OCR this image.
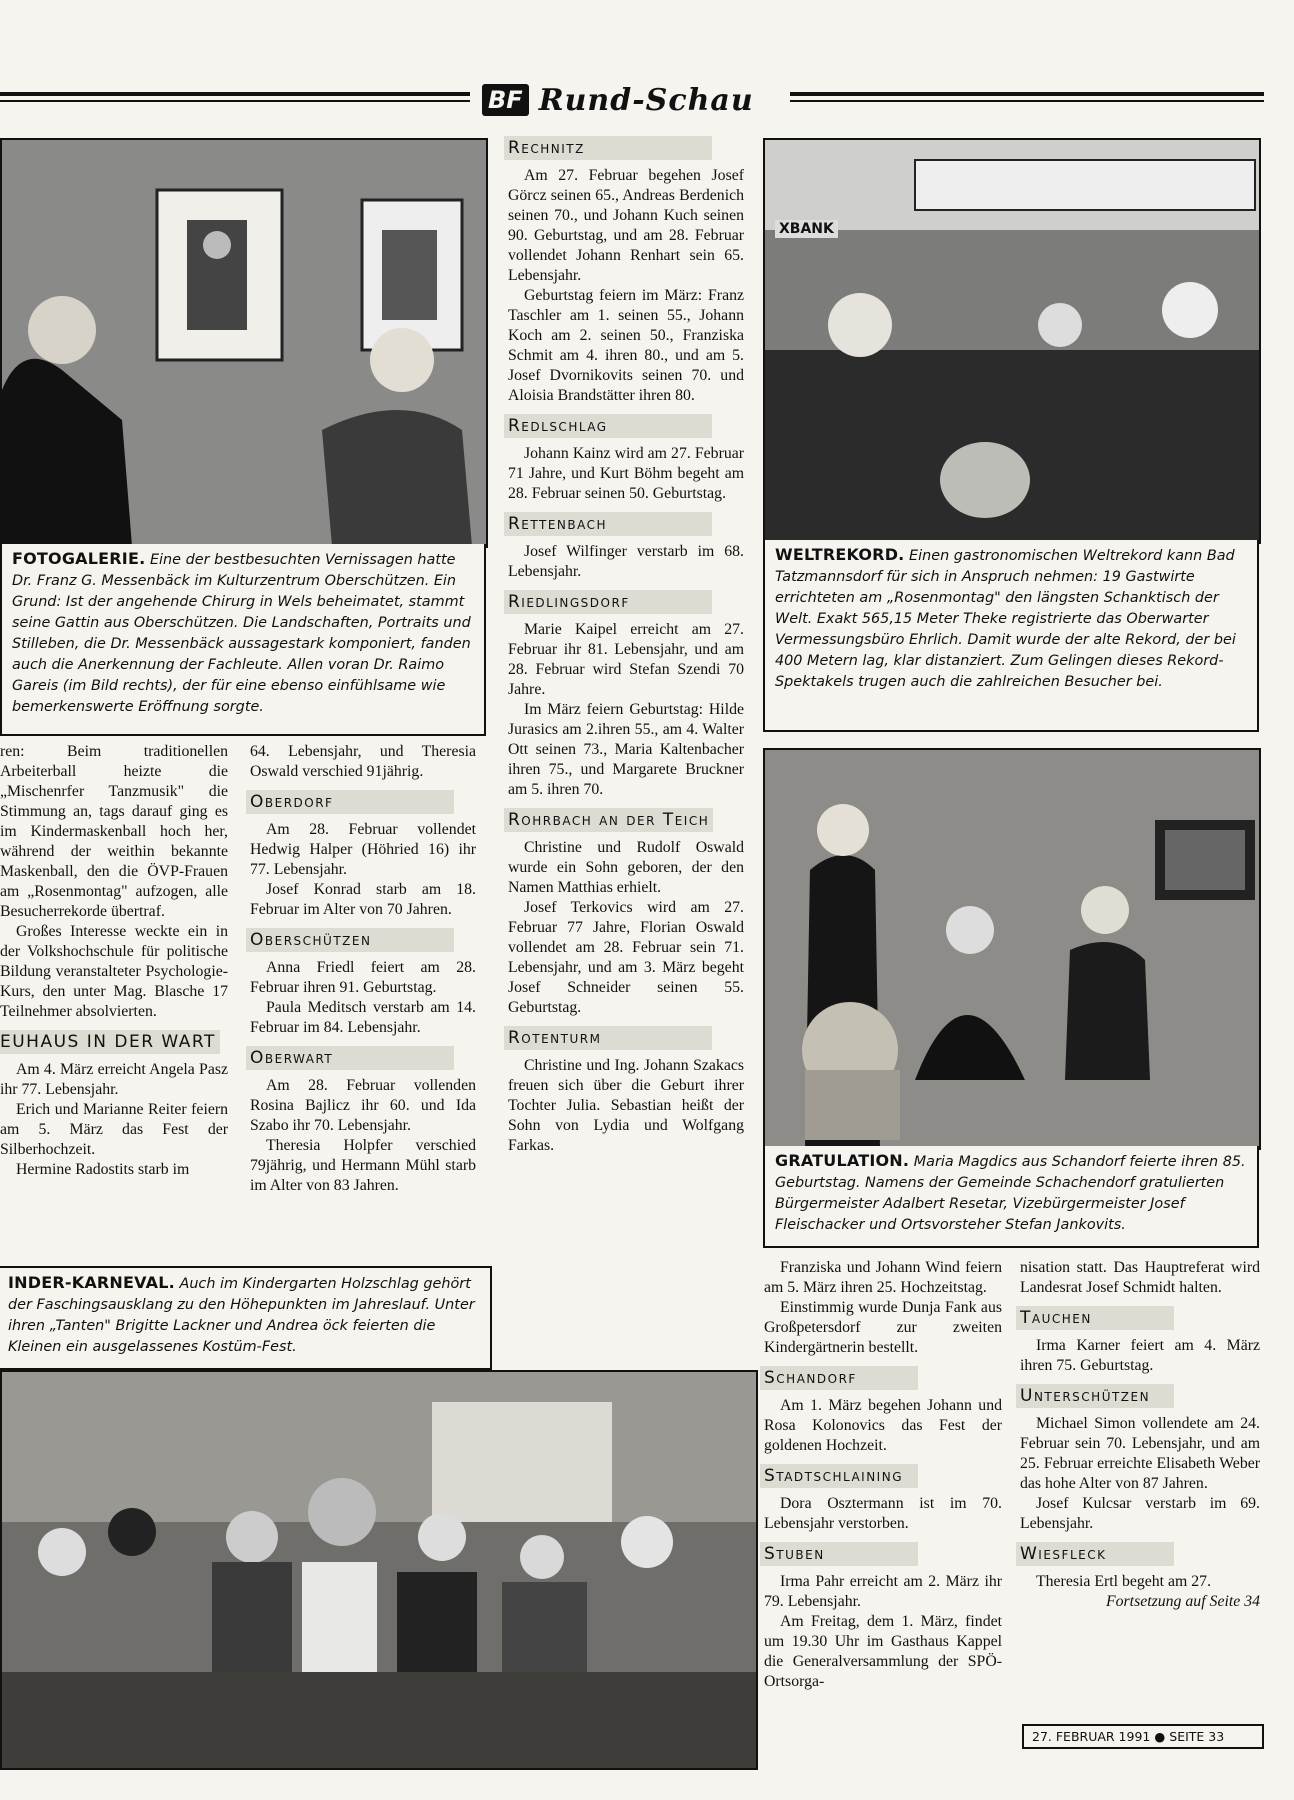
BF Rund-Schau
FOTOGALERIE. Eine der bestbesuchten Vernissagen hatte Dr. Franz G. Messenbäck im Kulturzentrum Oberschützen. Ein Grund: Ist der angehende Chirurg in Wels beheimatet, stammt seine Gattin aus Oberschützen. Die Landschaften, Portraits und Stilleben, die Dr. Messenbäck aussagestark komponiert, fanden auch die Anerkennung der Fachleute. Allen voran Dr. Raimo Gareis (im Bild rechts), der für eine ebenso einfühlsame wie bemerkenswerte Eröffnung sorgte.
XBANK
WELTREKORD. Einen gastronomischen Weltrekord kann Bad Tatzmannsdorf für sich in Anspruch nehmen: 19 Gastwirte errichteten am „Rosenmontag" den längsten Schanktisch der Welt. Exakt 565,15 Meter Theke registrierte das Oberwarter Vermessungsbüro Ehrlich. Damit wurde der alte Rekord, der bei 400 Metern lag, klar distanziert. Zum Gelingen dieses Rekord-Spektakels trugen auch die zahlreichen Besucher bei.
GRATULATION. Maria Magdics aus Schandorf feierte ihren 85. Geburtstag. Namens der Gemeinde Schachendorf gratulierten Bürgermeister Adalbert Resetar, Vizebürgermeister Josef Fleischacker und Ortsvorsteher Stefan Jankovits.
INDER-KARNEVAL. Auch im Kindergarten Holzschlag gehört der Faschingsausklang zu den Höhepunkten im Jahreslauf. Unter ihren „Tanten" Brigitte Lackner und Andrea öck feierten die Kleinen ein ausgelassenes Kostüm-Fest.

ren: Beim traditionellen Arbeiterball heizte die „Mischenrfer Tanzmusik" die Stimmung an, tags darauf ging es im Kindermaskenball hoch her, während der weithin bekannte Maskenball, den die ÖVP-Frauen am „Rosenmontag" aufzogen, alle Besucherrekorde übertraf.

Großes Interesse weckte ein in der Volkshochschule für politische Bildung veranstalteter Psychologie-Kurs, den unter Mag. Blasche 17 Teilnehmer absolvierten.

EUHAUS IN DER WART

Am 4. März erreicht Angela Pasz ihr 77. Lebensjahr.

Erich und Marianne Reiter feiern am 5. März das Fest der Silberhochzeit.

Hermine Radostits starb im

64. Lebensjahr, und Theresia Oswald verschied 91jährig.

Oberdorf

Am 28. Februar vollendet Hedwig Halper (Höhried 16) ihr 77. Lebensjahr.

Josef Konrad starb am 18. Februar im Alter von 70 Jahren.

Oberschützen

Anna Friedl feiert am 28. Februar ihren 91. Geburtstag.

Paula Meditsch verstarb am 14. Februar im 84. Lebensjahr.

Oberwart

Am 28. Februar vollenden Rosina Bajlicz ihr 60. und Ida Szabo ihr 70. Lebensjahr.

Theresia Holpfer verschied 79jährig, und Hermann Mühl starb im Alter von 83 Jahren.

Rechnitz

Am 27. Februar begehen Josef Görcz seinen 65., Andreas Berdenich seinen 70., und Johann Kuch seinen 90. Geburtstag, und am 28. Februar vollendet Johann Renhart sein 65. Lebensjahr.

Geburtstag feiern im März: Franz Taschler am 1. seinen 55., Johann Koch am 2. seinen 50., Franziska Schmit am 4. ihren 80., und am 5. Josef Dvornikovits seinen 70. und Aloisia Brandstätter ihren 80.

Redlschlag

Johann Kainz wird am 27. Februar 71 Jahre, und Kurt Böhm begeht am 28. Februar seinen 50. Geburtstag.

Rettenbach

Josef Wilfinger verstarb im 68. Lebensjahr.

Riedlingsdorf

Marie Kaipel erreicht am 27. Februar ihr 81. Lebensjahr, und am 28. Februar wird Stefan Szendi 70 Jahre.

Im März feiern Geburtstag: Hilde Jurasics am 2.ihren 55., am 4. Walter Ott seinen 73., Maria Kaltenbacher ihren 75., und Margarete Bruckner am 5. ihren 70.

Rohrbach an der Teich

Christine und Rudolf Oswald wurde ein Sohn geboren, der den Namen Matthias erhielt.

Josef Terkovics wird am 27. Februar 77 Jahre, Florian Oswald vollendet am 28. Februar sein 71. Lebensjahr, und am 3. März begeht Josef Schneider seinen 55. Geburtstag.

Rotenturm

Christine und Ing. Johann Szakacs freuen sich über die Geburt ihrer Tochter Julia. Sebastian heißt der Sohn von Lydia und Wolfgang Farkas.

Franziska und Johann Wind feiern am 5. März ihren 25. Hochzeitstag.

Einstimmig wurde Dunja Fank aus Großpetersdorf zur zweiten Kindergärtnerin bestellt.

Schandorf

Am 1. März begehen Johann und Rosa Kolonovics das Fest der goldenen Hochzeit.

Stadtschlaining

Dora Osztermann ist im 70. Lebensjahr verstorben.

Stuben

Irma Pahr erreicht am 2. März ihr 79. Lebensjahr.

Am Freitag, dem 1. März, findet um 19.30 Uhr im Gasthaus Kappel die Generalversammlung der SPÖ-Ortsorga-

nisation statt. Das Hauptreferat wird Landesrat Josef Schmidt halten.

Tauchen

Irma Karner feiert am 4. März ihren 75. Geburtstag.

Unterschützen

Michael Simon vollendete am 24. Februar sein 70. Lebensjahr, und am 25. Februar erreichte Elisabeth Weber das hohe Alter von 87 Jahren.

Josef Kulcsar verstarb im 69. Lebensjahr.

Wiesfleck

Theresia Ertl begeht am 27.

Fortsetzung auf Seite 34

27. FEBRUAR 1991 ● SEITE 33
